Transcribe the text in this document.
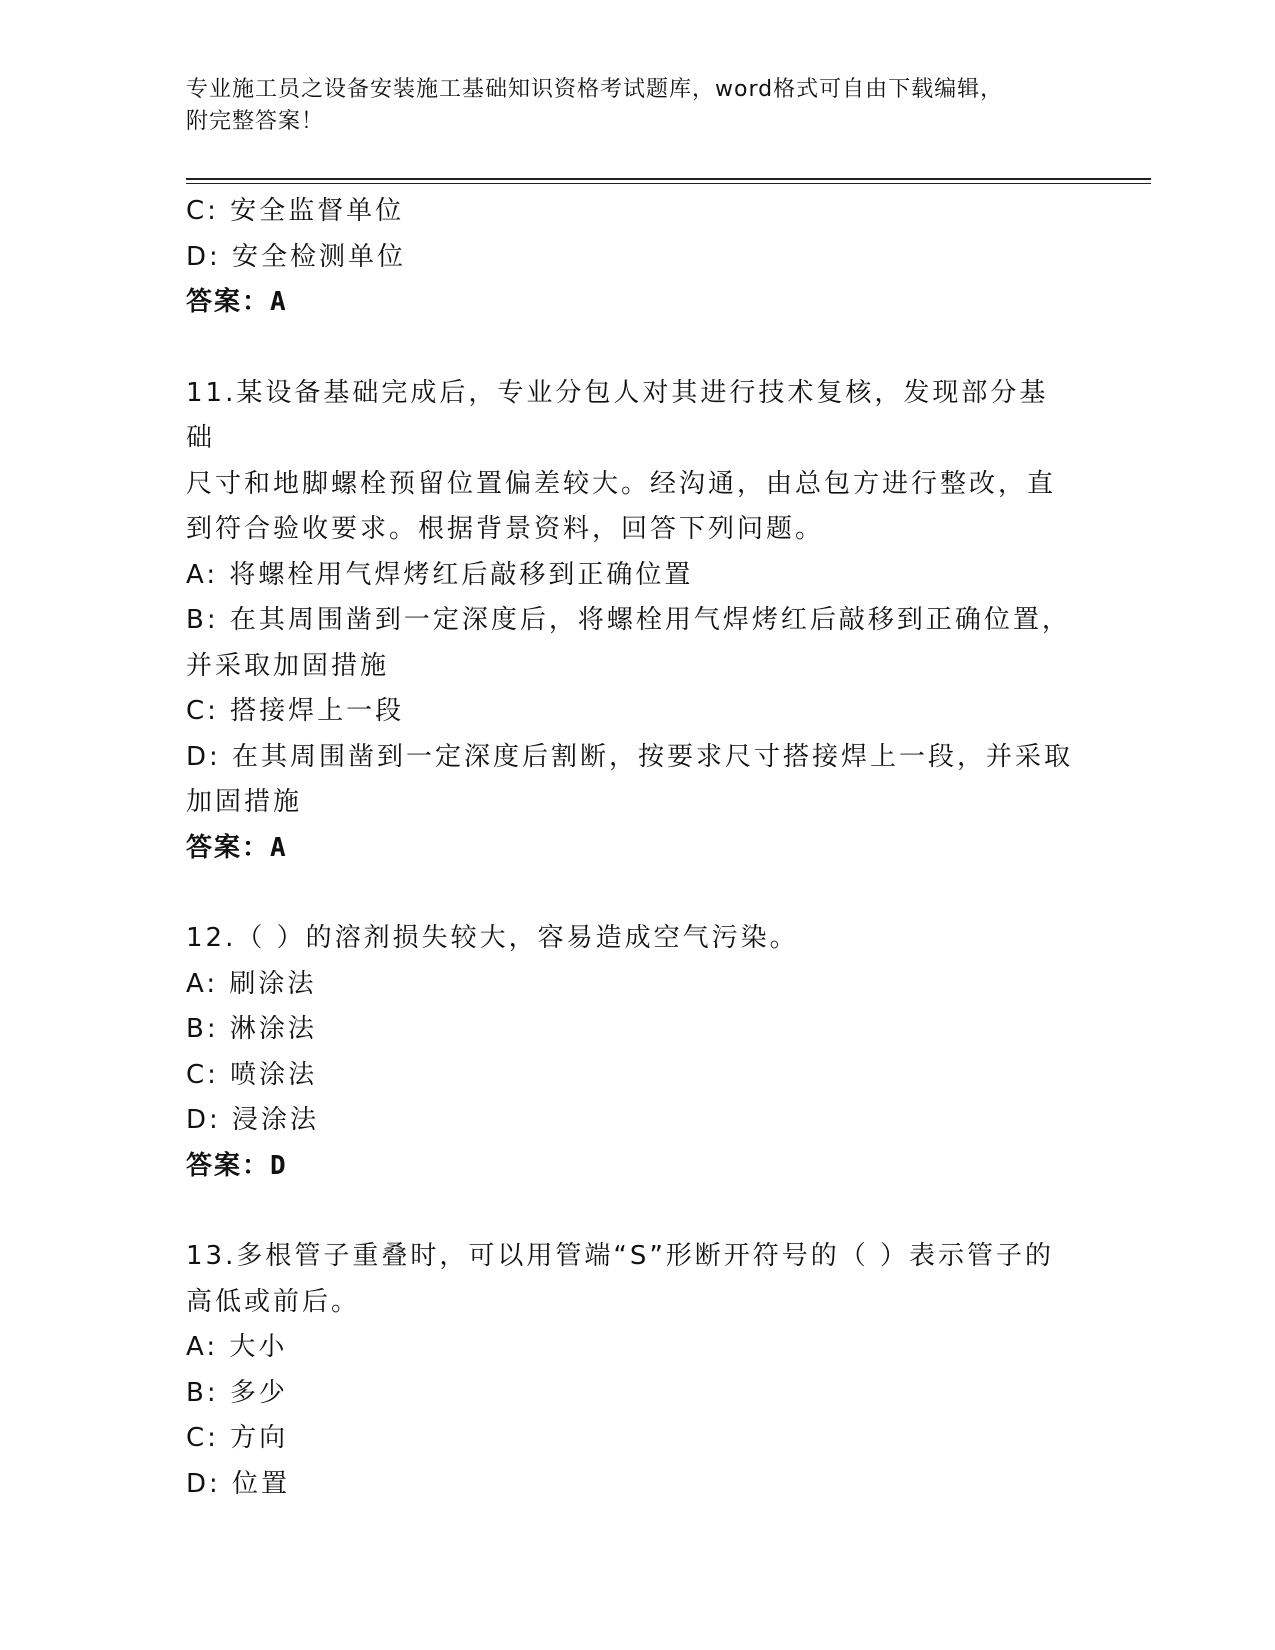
专业施工员之设备安装施工基础知识资格考试题库，word格式可自由下载编辑，
附完整答案！
C: 安全监督单位
D: 安全检测单位
答案：A
11.某设备基础完成后，专业分包人对其进行技术复核，发现部分基础
尺寸和地脚螺栓预留位置偏差较大。经沟通，由总包方进行整改，直
到符合验收要求。根据背景资料，回答下列问题。
A: 将螺栓用气焊烤红后敲移到正确位置
B: 在其周围凿到一定深度后，将螺栓用气焊烤红后敲移到正确位置，
并采取加固措施
C: 搭接焊上一段
D: 在其周围凿到一定深度后割断，按要求尺寸搭接焊上一段，并采取
加固措施
答案：A
12.（ ）的溶剂损失较大，容易造成空气污染。
A: 刷涂法
B: 淋涂法
C: 喷涂法
D: 浸涂法
答案：D
13.多根管子重叠时，可以用管端“S”形断开符号的（ ）表示管子的
高低或前后。
A: 大小
B: 多少
C: 方向
D: 位置
